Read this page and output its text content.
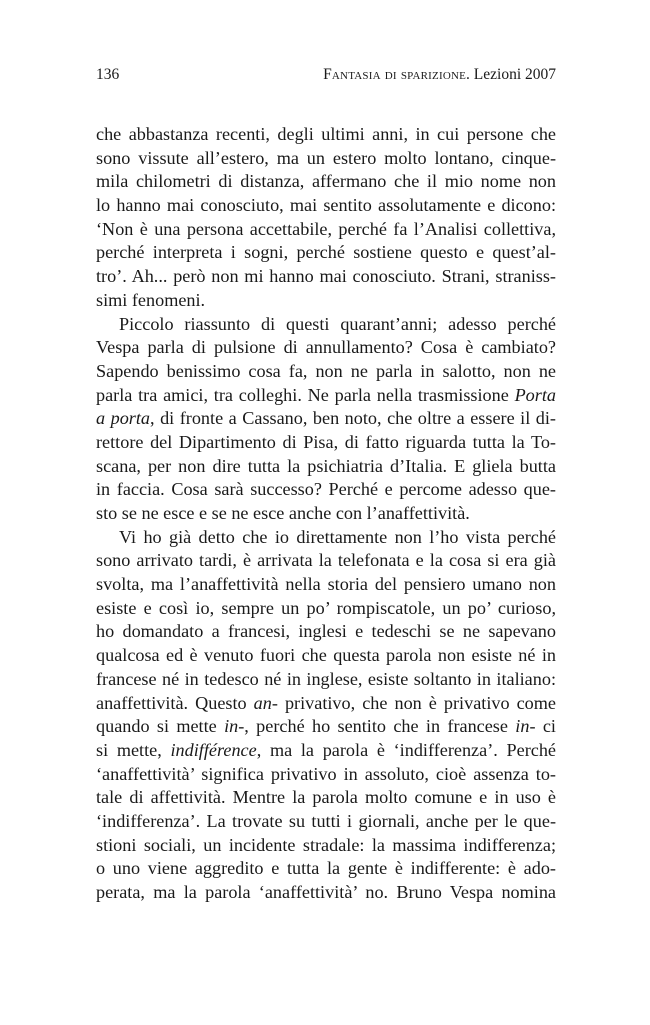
136	Fantasia di sparizione. Lezioni 2007
che abbastanza recenti, degli ultimi anni, in cui persone che
sono vissute all’estero, ma un estero molto lontano, cinque-
mila chilometri di distanza, affermano che il mio nome non
lo hanno mai conosciuto, mai sentito assolutamente e dicono:
‘Non è una persona accettabile, perché fa l’Analisi collettiva,
perché interpreta i sogni, perché sostiene questo e quest’al-
tro’. Ah... però non mi hanno mai conosciuto. Strani, straniss-
simi fenomeni.
Piccolo riassunto di questi quarant’anni; adesso perché
Vespa parla di pulsione di annullamento? Cosa è cambiato?
Sapendo benissimo cosa fa, non ne parla in salotto, non ne
parla tra amici, tra colleghi. Ne parla nella trasmissione Porta
a porta, di fronte a Cassano, ben noto, che oltre a essere il di-
rettore del Dipartimento di Pisa, di fatto riguarda tutta la To-
scana, per non dire tutta la psichiatria d’Italia. E gliela butta
in faccia. Cosa sarà successo? Perché e percome adesso que-
sto se ne esce e se ne esce anche con l’anaffettività.
Vi ho già detto che io direttamente non l’ho vista perché
sono arrivato tardi, è arrivata la telefonata e la cosa si era già
svolta, ma l’anaffettività nella storia del pensiero umano non
esiste e così io, sempre un po’ rompiscatole, un po’ curioso,
ho domandato a francesi, inglesi e tedeschi se ne sapevano
qualcosa ed è venuto fuori che questa parola non esiste né in
francese né in tedesco né in inglese, esiste soltanto in italiano:
anaffettività. Questo an- privativo, che non è privativo come
quando si mette in-, perché ho sentito che in francese in- ci
si mette, indifférence, ma la parola è ‘indifferenza’. Perché
‘anaffettività’ significa privativo in assoluto, cioè assenza to-
tale di affettività. Mentre la parola molto comune e in uso è
‘indifferenza’. La trovate su tutti i giornali, anche per le que-
stioni sociali, un incidente stradale: la massima indifferenza;
o uno viene aggredito e tutta la gente è indifferente: è ado-
perata, ma la parola ‘anaffettività’ no. Bruno Vespa nomina
